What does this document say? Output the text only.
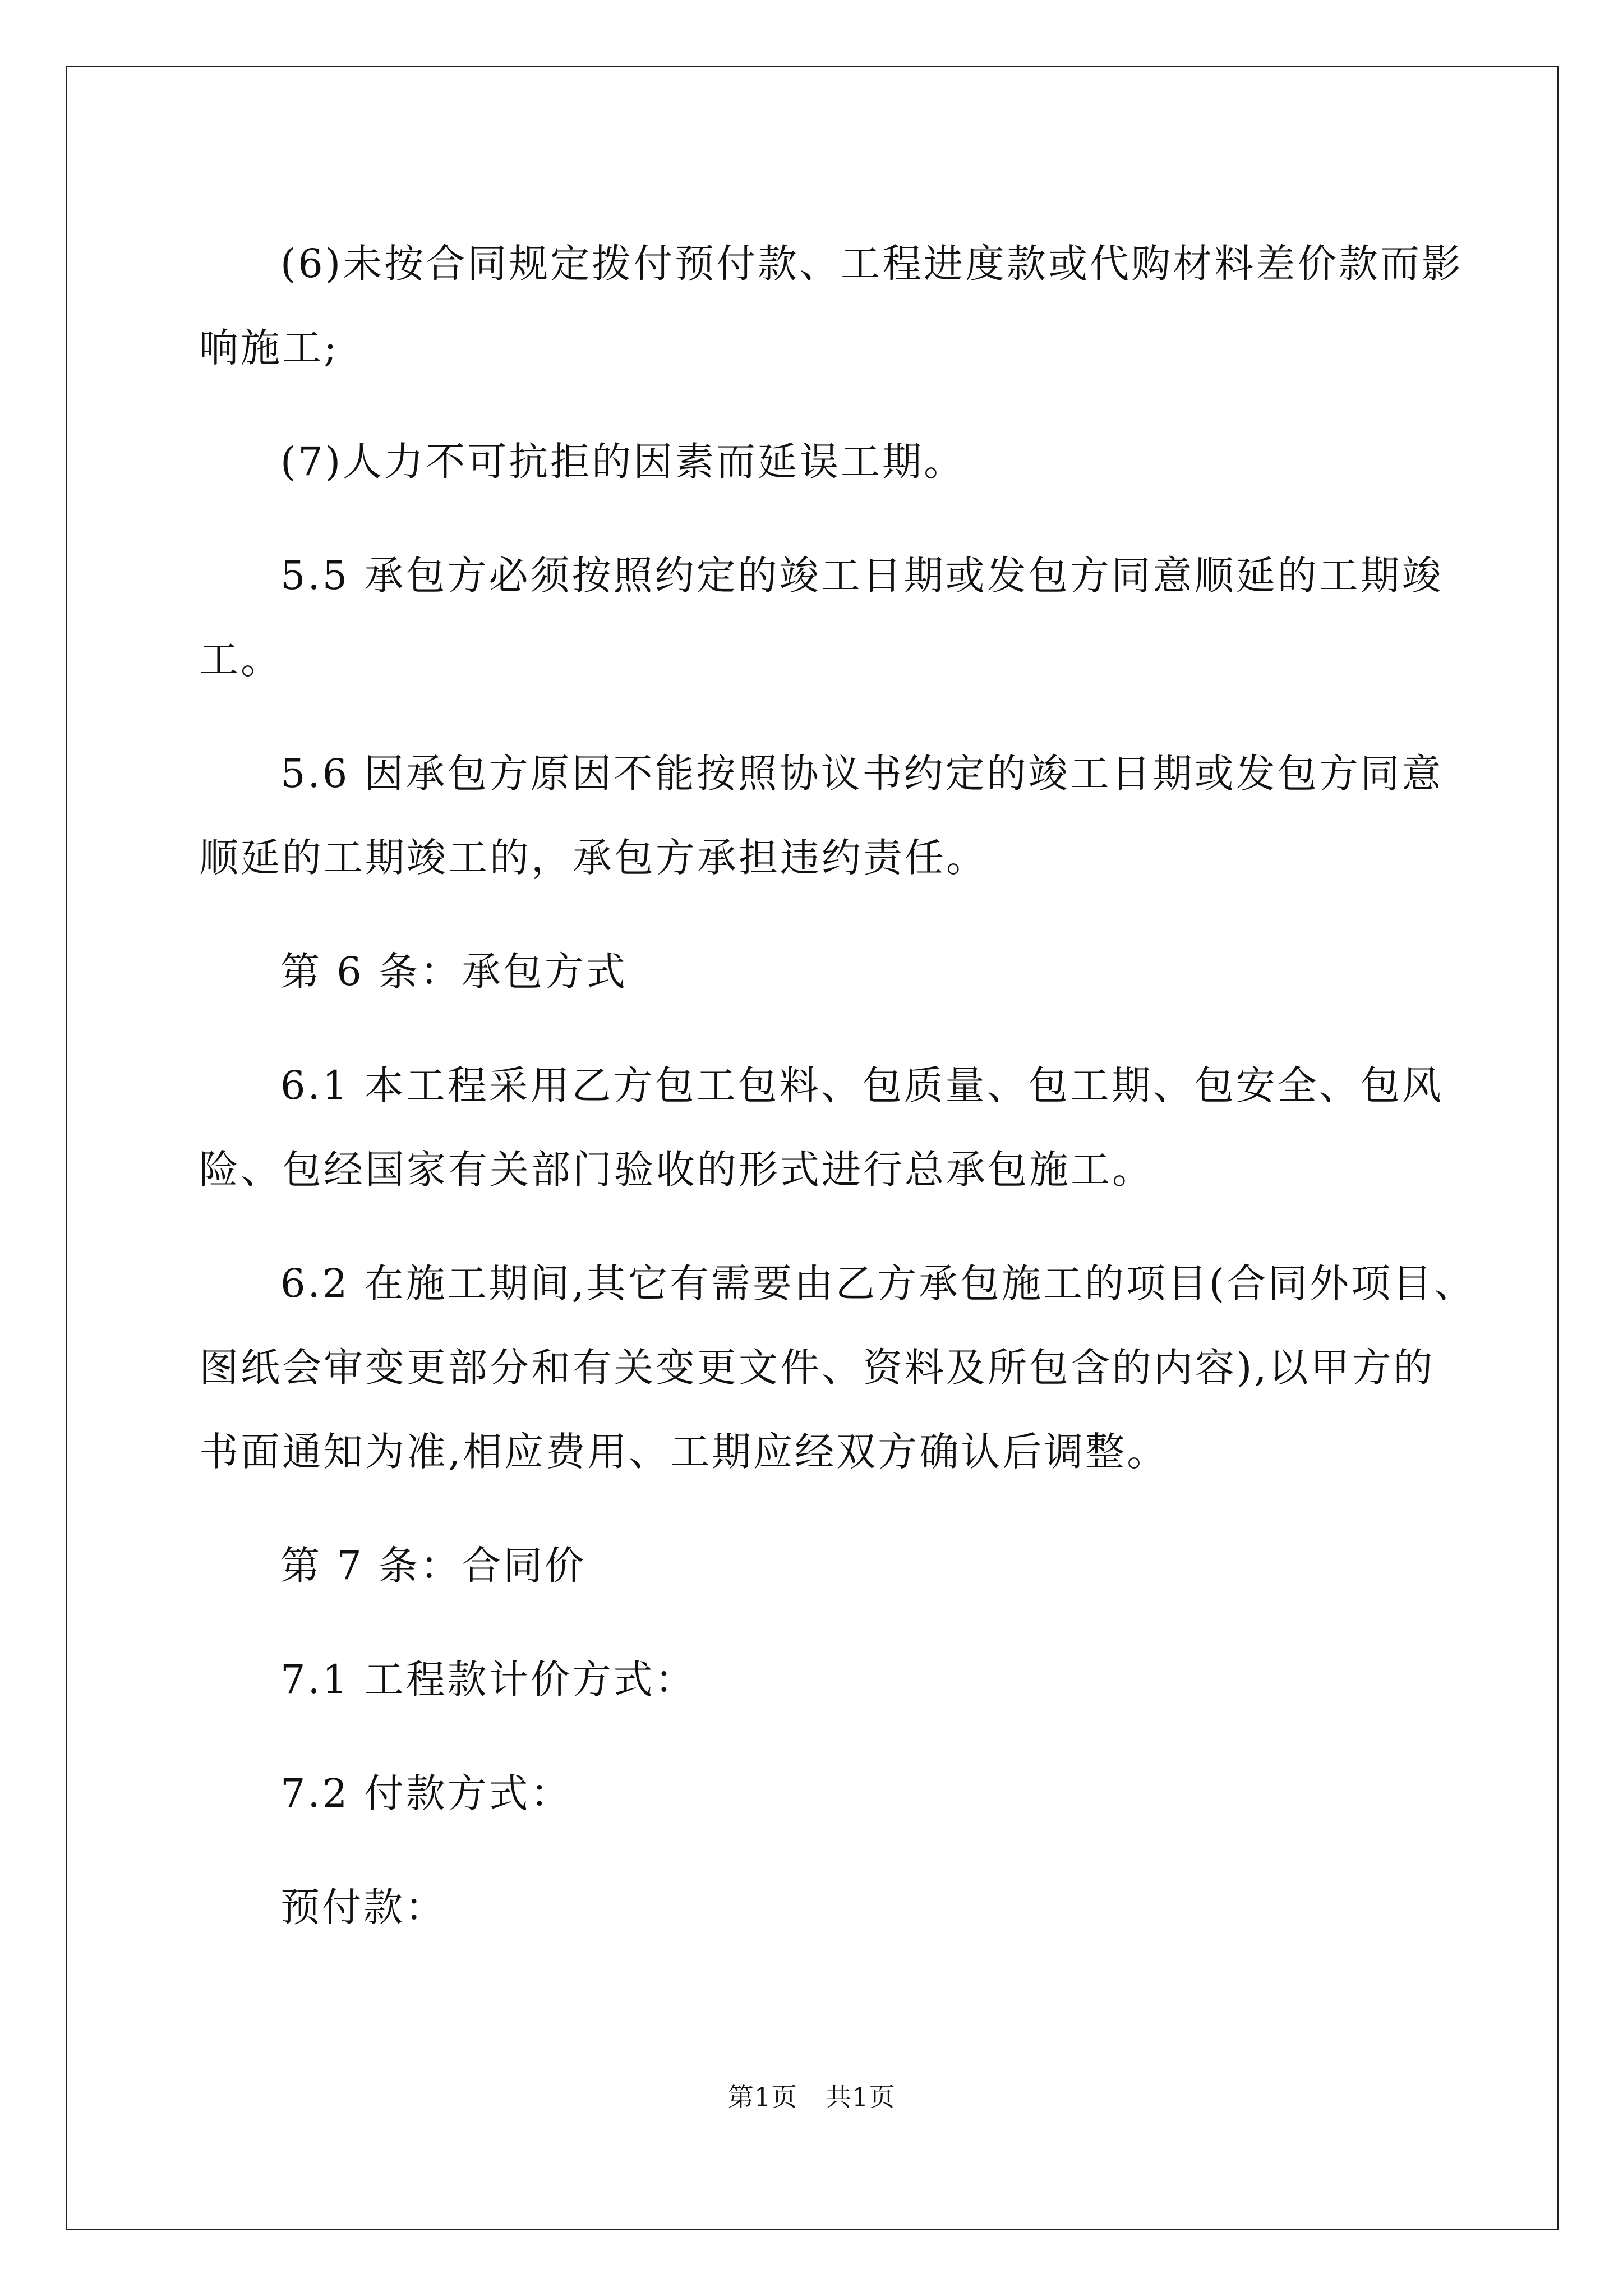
(6)未按合同规定拨付预付款、工程进度款或代购材料差价款而影
响施工;

(7)人力不可抗拒的因素而延误工期。

5.5 承包方必须按照约定的竣工日期或发包方同意顺延的工期竣
工。

5.6 因承包方原因不能按照协议书约定的竣工日期或发包方同意
顺延的工期竣工的，承包方承担违约责任。

第 6 条：承包方式

6.1 本工程采用乙方包工包料、包质量、包工期、包安全、包风
险、包经国家有关部门验收的形式进行总承包施工。

6.2 在施工期间,其它有需要由乙方承包施工的项目(合同外项目、
图纸会审变更部分和有关变更文件、资料及所包含的内容),以甲方的
书面通知为准,相应费用、工期应经双方确认后调整。

第 7 条：合同价

7.1 工程款计价方式：

7.2 付款方式：

预付款：

第1页 共1页
